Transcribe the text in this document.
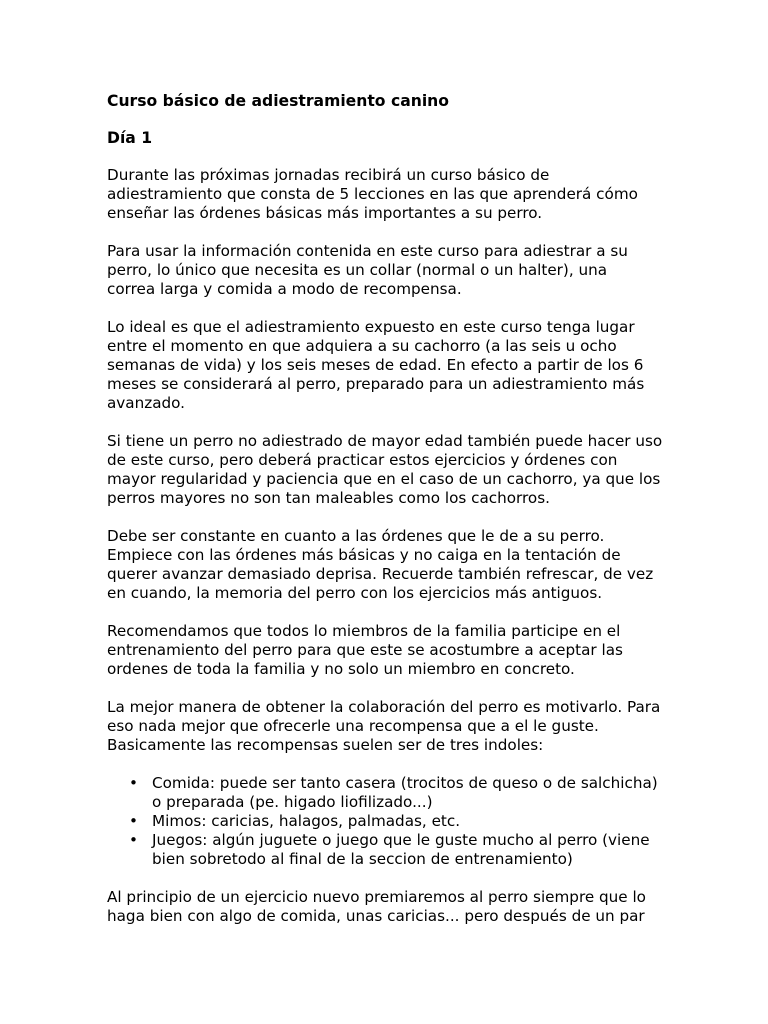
Curso básico de adiestramiento canino
Día 1

Durante las próximas jornadas recibirá un curso básico de
adiestramiento que consta de 5 lecciones en las que aprenderá cómo
enseñar las órdenes básicas más importantes a su perro.

Para usar la información contenida en este curso para adiestrar a su
perro, lo único que necesita es un collar (normal o un halter), una
correa larga y comida a modo de recompensa.

Lo ideal es que el adiestramiento expuesto en este curso tenga lugar
entre el momento en que adquiera a su cachorro (a las seis u ocho
semanas de vida) y los seis meses de edad. En efecto a partir de los 6
meses se considerará al perro, preparado para un adiestramiento más
avanzado.

Si tiene un perro no adiestrado de mayor edad también puede hacer uso
de este curso, pero deberá practicar estos ejercicios y órdenes con
mayor regularidad y paciencia que en el caso de un cachorro, ya que los
perros mayores no son tan maleables como los cachorros.

Debe ser constante en cuanto a las órdenes que le de a su perro.
Empiece con las órdenes más básicas y no caiga en la tentación de
querer avanzar demasiado deprisa. Recuerde también refrescar, de vez
en cuando, la memoria del perro con los ejercicios más antiguos.

Recomendamos que todos lo miembros de la familia participe en el
entrenamiento del perro para que este se acostumbre a aceptar las
ordenes de toda la familia y no solo un miembro en concreto.

La mejor manera de obtener la colaboración del perro es motivarlo. Para
eso nada mejor que ofrecerle una recompensa que a el le guste.
Basicamente las recompensas suelen ser de tres indoles:

• Comida: puede ser tanto casera (trocitos de queso o de salchicha)
o preparada (pe. higado liofilizado...)
• Mimos: caricias, halagos, palmadas, etc.
• Juegos: algún juguete o juego que le guste mucho al perro (viene
bien sobretodo al final de la seccion de entrenamiento)

Al principio de un ejercicio nuevo premiaremos al perro siempre que lo
haga bien con algo de comida, unas caricias... pero después de un par
